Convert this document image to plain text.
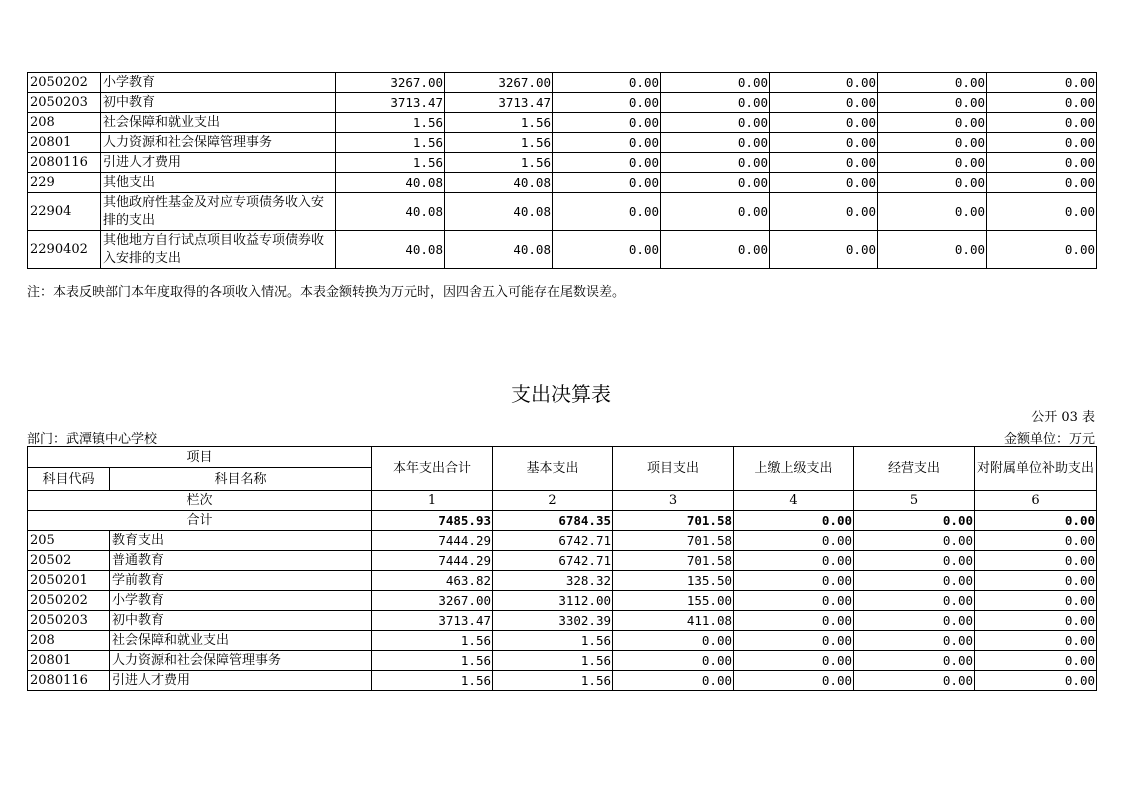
2050202	小学教育	3267.00	3267.00	0.00	0.00	0.00	0.00	0.00
2050203	初中教育	3713.47	3713.47	0.00	0.00	0.00	0.00	0.00
208	社会保障和就业支出	1.56	1.56	0.00	0.00	0.00	0.00	0.00
20801	人力资源和社会保障管理事务	1.56	1.56	0.00	0.00	0.00	0.00	0.00
2080116	引进人才费用	1.56	1.56	0.00	0.00	0.00	0.00	0.00
229	其他支出	40.08	40.08	0.00	0.00	0.00	0.00	0.00
22904	其他政府性基金及对应专项债务收入安排的支出	40.08	40.08	0.00	0.00	0.00	0.00	0.00
2290402	其他地方自行试点项目收益专项债券收入安排的支出	40.08	40.08	0.00	0.00	0.00	0.00	0.00
注：本表反映部门本年度取得的各项收入情况。本表金额转换为万元时，因四舍五入可能存在尾数误差。
支出决算表
公开 03 表
部门：武潭镇中心学校	金额单位：万元
项目		本年支出合计	基本支出	项目支出	上缴上级支出	经营支出	对附属单位补助支出
科目代码	科目名称						
栏次		1	2	3	4	5	6
合计		7485.93	6784.35	701.58	0.00	0.00	0.00
205	教育支出	7444.29	6742.71	701.58	0.00	0.00	0.00
20502	普通教育	7444.29	6742.71	701.58	0.00	0.00	0.00
2050201	学前教育	463.82	328.32	135.50	0.00	0.00	0.00
2050202	小学教育	3267.00	3112.00	155.00	0.00	0.00	0.00
2050203	初中教育	3713.47	3302.39	411.08	0.00	0.00	0.00
208	社会保障和就业支出	1.56	1.56	0.00	0.00	0.00	0.00
20801	人力资源和社会保障管理事务	1.56	1.56	0.00	0.00	0.00	0.00
2080116	引进人才费用	1.56	1.56	0.00	0.00	0.00	0.00
